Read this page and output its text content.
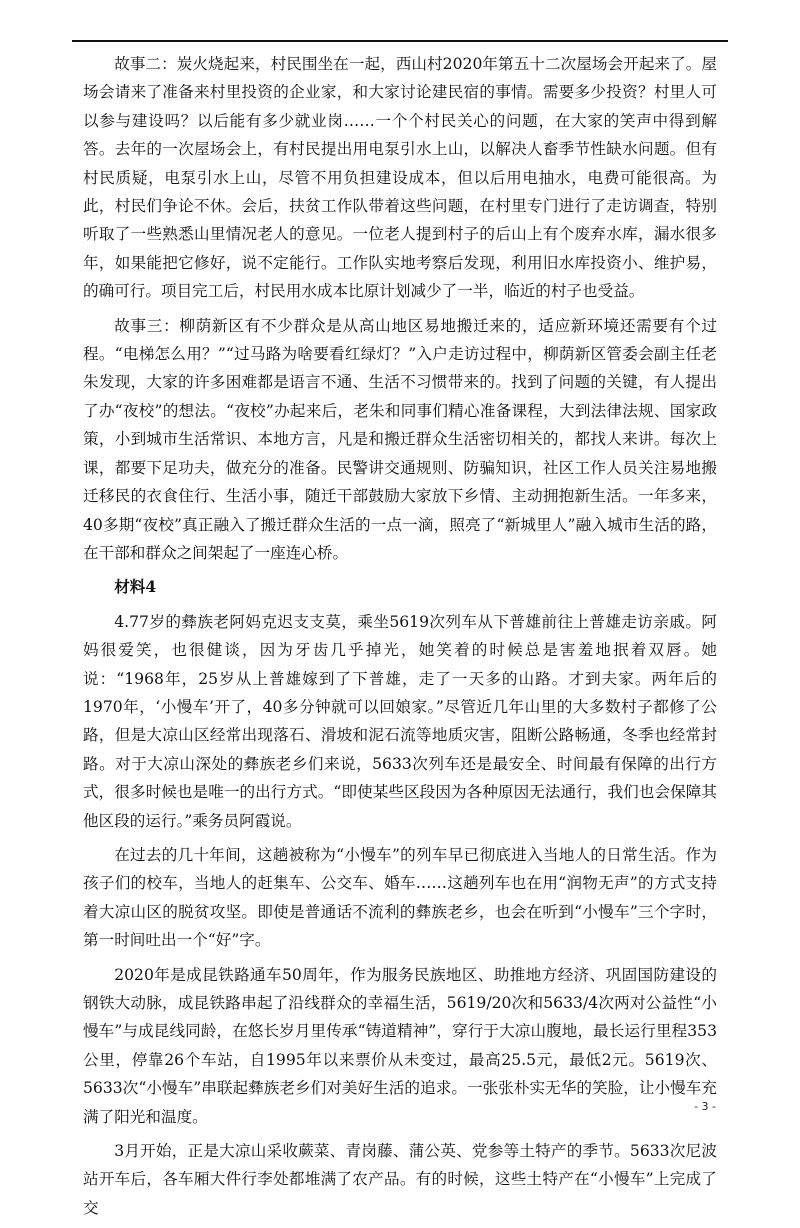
故事二：炭火烧起来，村民围坐在一起，西山村2020年第五十二次屋场会开起来了。屋场会请来了准备来村里投资的企业家，和大家讨论建民宿的事情。需要多少投资？村里人可以参与建设吗？以后能有多少就业岗……一个个村民关心的问题，在大家的笑声中得到解答。去年的一次屋场会上，有村民提出用电泵引水上山，以解决人畜季节性缺水问题。但有村民质疑，电泵引水上山，尽管不用负担建设成本，但以后用电抽水，电费可能很高。为此，村民们争论不休。会后，扶贫工作队带着这些问题，在村里专门进行了走访调查，特别听取了一些熟悉山里情况老人的意见。一位老人提到村子的后山上有个废弃水库，漏水很多年，如果能把它修好，说不定能行。工作队实地考察后发现，利用旧水库投资小、维护易，的确可行。项目完工后，村民用水成本比原计划减少了一半，临近的村子也受益。

故事三：柳荫新区有不少群众是从高山地区易地搬迁来的，适应新环境还需要有个过程。“电梯怎么用？”“过马路为啥要看红绿灯？”入户走访过程中，柳荫新区管委会副主任老朱发现，大家的许多困难都是语言不通、生活不习惯带来的。找到了问题的关键，有人提出了办“夜校”的想法。“夜校”办起来后，老朱和同事们精心准备课程，大到法律法规、国家政策，小到城市生活常识、本地方言，凡是和搬迁群众生活密切相关的，都找人来讲。每次上课，都要下足功夫，做充分的准备。民警讲交通规则、防骗知识，社区工作人员关注易地搬迁移民的衣食住行、生活小事，随迁干部鼓励大家放下乡情、主动拥抱新生活。一年多来，40多期“夜校”真正融入了搬迁群众生活的一点一滴，照亮了“新城里人”融入城市生活的路，在干部和群众之间架起了一座连心桥。

材料4

4.77岁的彝族老阿妈克迟支支莫，乘坐5619次列车从下普雄前往上普雄走访亲戚。阿妈很爱笑，也很健谈，因为牙齿几乎掉光，她笑着的时候总是害羞地抿着双唇。她说：“1968年，25岁从上普雄嫁到了下普雄，走了一天多的山路。才到夫家。两年后的1970年，‘小慢车’开了，40多分钟就可以回娘家。”尽管近几年山里的大多数村子都修了公路，但是大凉山区经常出现落石、滑坡和泥石流等地质灾害，阻断公路畅通，冬季也经常封路。对于大凉山深处的彝族老乡们来说，5633次列车还是最安全、时间最有保障的出行方式，很多时候也是唯一的出行方式。“即使某些区段因为各种原因无法通行，我们也会保障其他区段的运行。”乘务员阿霞说。

在过去的几十年间，这趟被称为“小慢车”的列车早已彻底进入当地人的日常生活。作为孩子们的校车，当地人的赶集车、公交车、婚车……这趟列车也在用“润物无声”的方式支持着大凉山区的脱贫攻坚。即使是普通话不流利的彝族老乡，也会在听到“小慢车”三个字时，第一时间吐出一个“好”字。

2020年是成昆铁路通车50周年，作为服务民族地区、助推地方经济、巩固国防建设的钢铁大动脉，成昆铁路串起了沿线群众的幸福生活，5619/20次和5633/4次两对公益性“小慢车”与成昆线同龄，在悠长岁月里传承“铸道精神”，穿行于大凉山腹地，最长运行里程353公里，停靠26个车站，自1995年以来票价从未变过，最高25.5元，最低2元。5619次、5633次“小慢车”串联起彝族老乡们对美好生活的追求。一张张朴实无华的笑脸，让小慢车充满了阳光和温度。

3月开始，正是大凉山采收蕨菜、青岗藤、蒲公英、党参等土特产的季节。5633次尼波站开车后，各车厢大件行李处都堆满了农产品。有的时候，这些土特产在“小慢车”上完成了交

- 3 -
